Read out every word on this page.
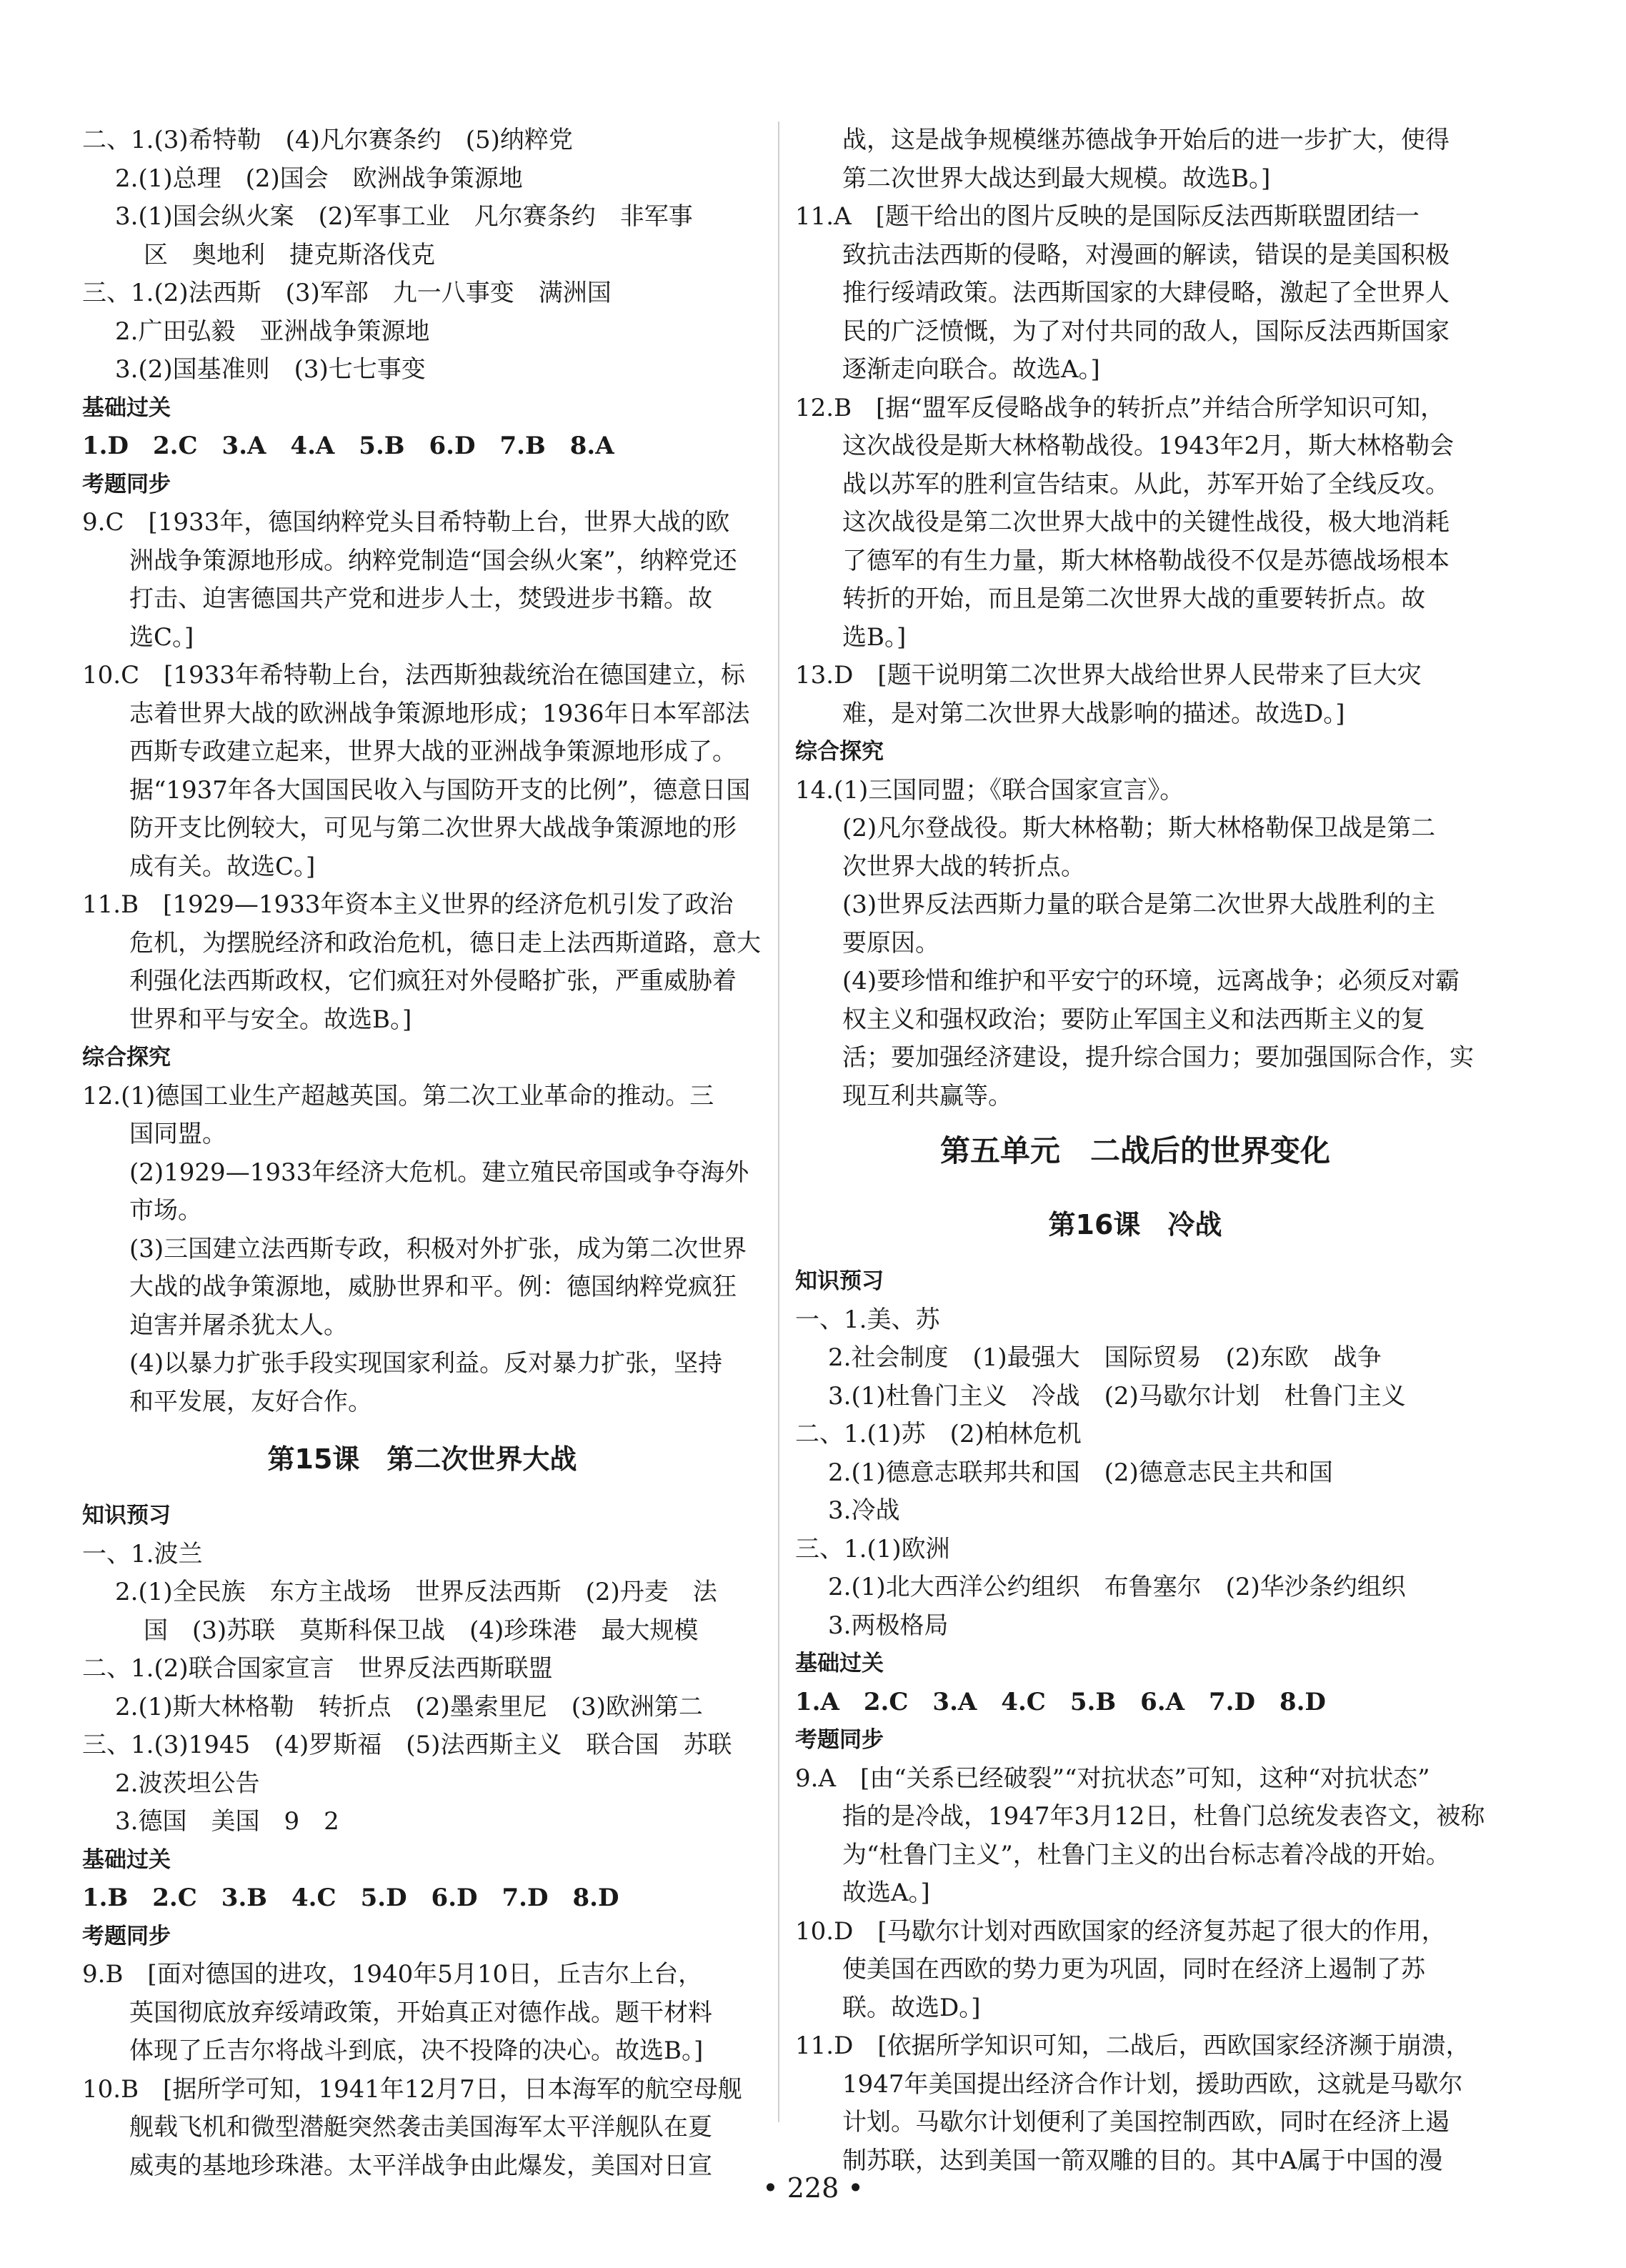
二、1.(3)希特勒　(4)凡尔赛条约　(5)纳粹党
2.(1)总理　(2)国会　欧洲战争策源地
3.(1)国会纵火案　(2)军事工业　凡尔赛条约　非军事
区　奥地利　捷克斯洛伐克
三、1.(2)法西斯　(3)军部　九一八事变　满洲国
2.广田弘毅　亚洲战争策源地
3.(2)国基准则　(3)七七事变
基础过关
1.D　2.C　3.A　4.A　5.B　6.D　7.B　8.A
考题同步
9.C　[1933年，德国纳粹党头目希特勒上台，世界大战的欧
洲战争策源地形成。纳粹党制造“国会纵火案”，纳粹党还
打击、迫害德国共产党和进步人士，焚毁进步书籍。故
选C。]
10.C　[1933年希特勒上台，法西斯独裁统治在德国建立，标
志着世界大战的欧洲战争策源地形成；1936年日本军部法
西斯专政建立起来，世界大战的亚洲战争策源地形成了。
据“1937年各大国国民收入与国防开支的比例”，德意日国
防开支比例较大，可见与第二次世界大战战争策源地的形
成有关。故选C。]
11.B　[1929—1933年资本主义世界的经济危机引发了政治
危机，为摆脱经济和政治危机，德日走上法西斯道路，意大
利强化法西斯政权，它们疯狂对外侵略扩张，严重威胁着
世界和平与安全。故选B。]
综合探究
12.(1)德国工业生产超越英国。第二次工业革命的推动。三
国同盟。
(2)1929—1933年经济大危机。建立殖民帝国或争夺海外
市场。
(3)三国建立法西斯专政，积极对外扩张，成为第二次世界
大战的战争策源地，威胁世界和平。例：德国纳粹党疯狂
迫害并屠杀犹太人。
(4)以暴力扩张手段实现国家利益。反对暴力扩张，坚持
和平发展，友好合作。
第15课　第二次世界大战
知识预习
一、1.波兰
2.(1)全民族　东方主战场　世界反法西斯　(2)丹麦　法
国　(3)苏联　莫斯科保卫战　(4)珍珠港　最大规模
二、1.(2)联合国家宣言　世界反法西斯联盟
2.(1)斯大林格勒　转折点　(2)墨索里尼　(3)欧洲第二
三、1.(3)1945　(4)罗斯福　(5)法西斯主义　联合国　苏联
2.波茨坦公告
3.德国　美国　9　2
基础过关
1.B　2.C　3.B　4.C　5.D　6.D　7.D　8.D
考题同步
9.B　[面对德国的进攻，1940年5月10日，丘吉尔上台，
英国彻底放弃绥靖政策，开始真正对德作战。题干材料
体现了丘吉尔将战斗到底，决不投降的决心。故选B。]
10.B　[据所学可知，1941年12月7日，日本海军的航空母舰
舰载飞机和微型潜艇突然袭击美国海军太平洋舰队在夏
威夷的基地珍珠港。太平洋战争由此爆发，美国对日宣
战，这是战争规模继苏德战争开始后的进一步扩大，使得
第二次世界大战达到最大规模。故选B。]
11.A　[题干给出的图片反映的是国际反法西斯联盟团结一
致抗击法西斯的侵略，对漫画的解读，错误的是美国积极
推行绥靖政策。法西斯国家的大肆侵略，激起了全世界人
民的广泛愤慨，为了对付共同的敌人，国际反法西斯国家
逐渐走向联合。故选A。]
12.B　[据“盟军反侵略战争的转折点”并结合所学知识可知，
这次战役是斯大林格勒战役。1943年2月，斯大林格勒会
战以苏军的胜利宣告结束。从此，苏军开始了全线反攻。
这次战役是第二次世界大战中的关键性战役，极大地消耗
了德军的有生力量，斯大林格勒战役不仅是苏德战场根本
转折的开始，而且是第二次世界大战的重要转折点。故
选B。]
13.D　[题干说明第二次世界大战给世界人民带来了巨大灾
难，是对第二次世界大战影响的描述。故选D。]
综合探究
14.(1)三国同盟；《联合国家宣言》。
(2)凡尔登战役。斯大林格勒；斯大林格勒保卫战是第二
次世界大战的转折点。
(3)世界反法西斯力量的联合是第二次世界大战胜利的主
要原因。
(4)要珍惜和维护和平安宁的环境，远离战争；必须反对霸
权主义和强权政治；要防止军国主义和法西斯主义的复
活；要加强经济建设，提升综合国力；要加强国际合作，实
现互利共赢等。
第五单元　二战后的世界变化
第16课　冷战
知识预习
一、1.美、苏
2.社会制度　(1)最强大　国际贸易　(2)东欧　战争
3.(1)杜鲁门主义　冷战　(2)马歇尔计划　杜鲁门主义
二、1.(1)苏　(2)柏林危机
2.(1)德意志联邦共和国　(2)德意志民主共和国
3.冷战
三、1.(1)欧洲
2.(1)北大西洋公约组织　布鲁塞尔　(2)华沙条约组织
3.两极格局
基础过关
1.A　2.C　3.A　4.C　5.B　6.A　7.D　8.D
考题同步
9.A　[由“关系已经破裂”“对抗状态”可知，这种“对抗状态”
指的是冷战，1947年3月12日，杜鲁门总统发表咨文，被称
为“杜鲁门主义”，杜鲁门主义的出台标志着冷战的开始。
故选A。]
10.D　[马歇尔计划对西欧国家的经济复苏起了很大的作用，
使美国在西欧的势力更为巩固，同时在经济上遏制了苏
联。故选D。]
11.D　[依据所学知识可知，二战后，西欧国家经济濒于崩溃，
1947年美国提出经济合作计划，援助西欧，这就是马歇尔
计划。马歇尔计划便利了美国控制西欧，同时在经济上遏
制苏联，达到美国一箭双雕的目的。其中A属于中国的漫
• 228 •
